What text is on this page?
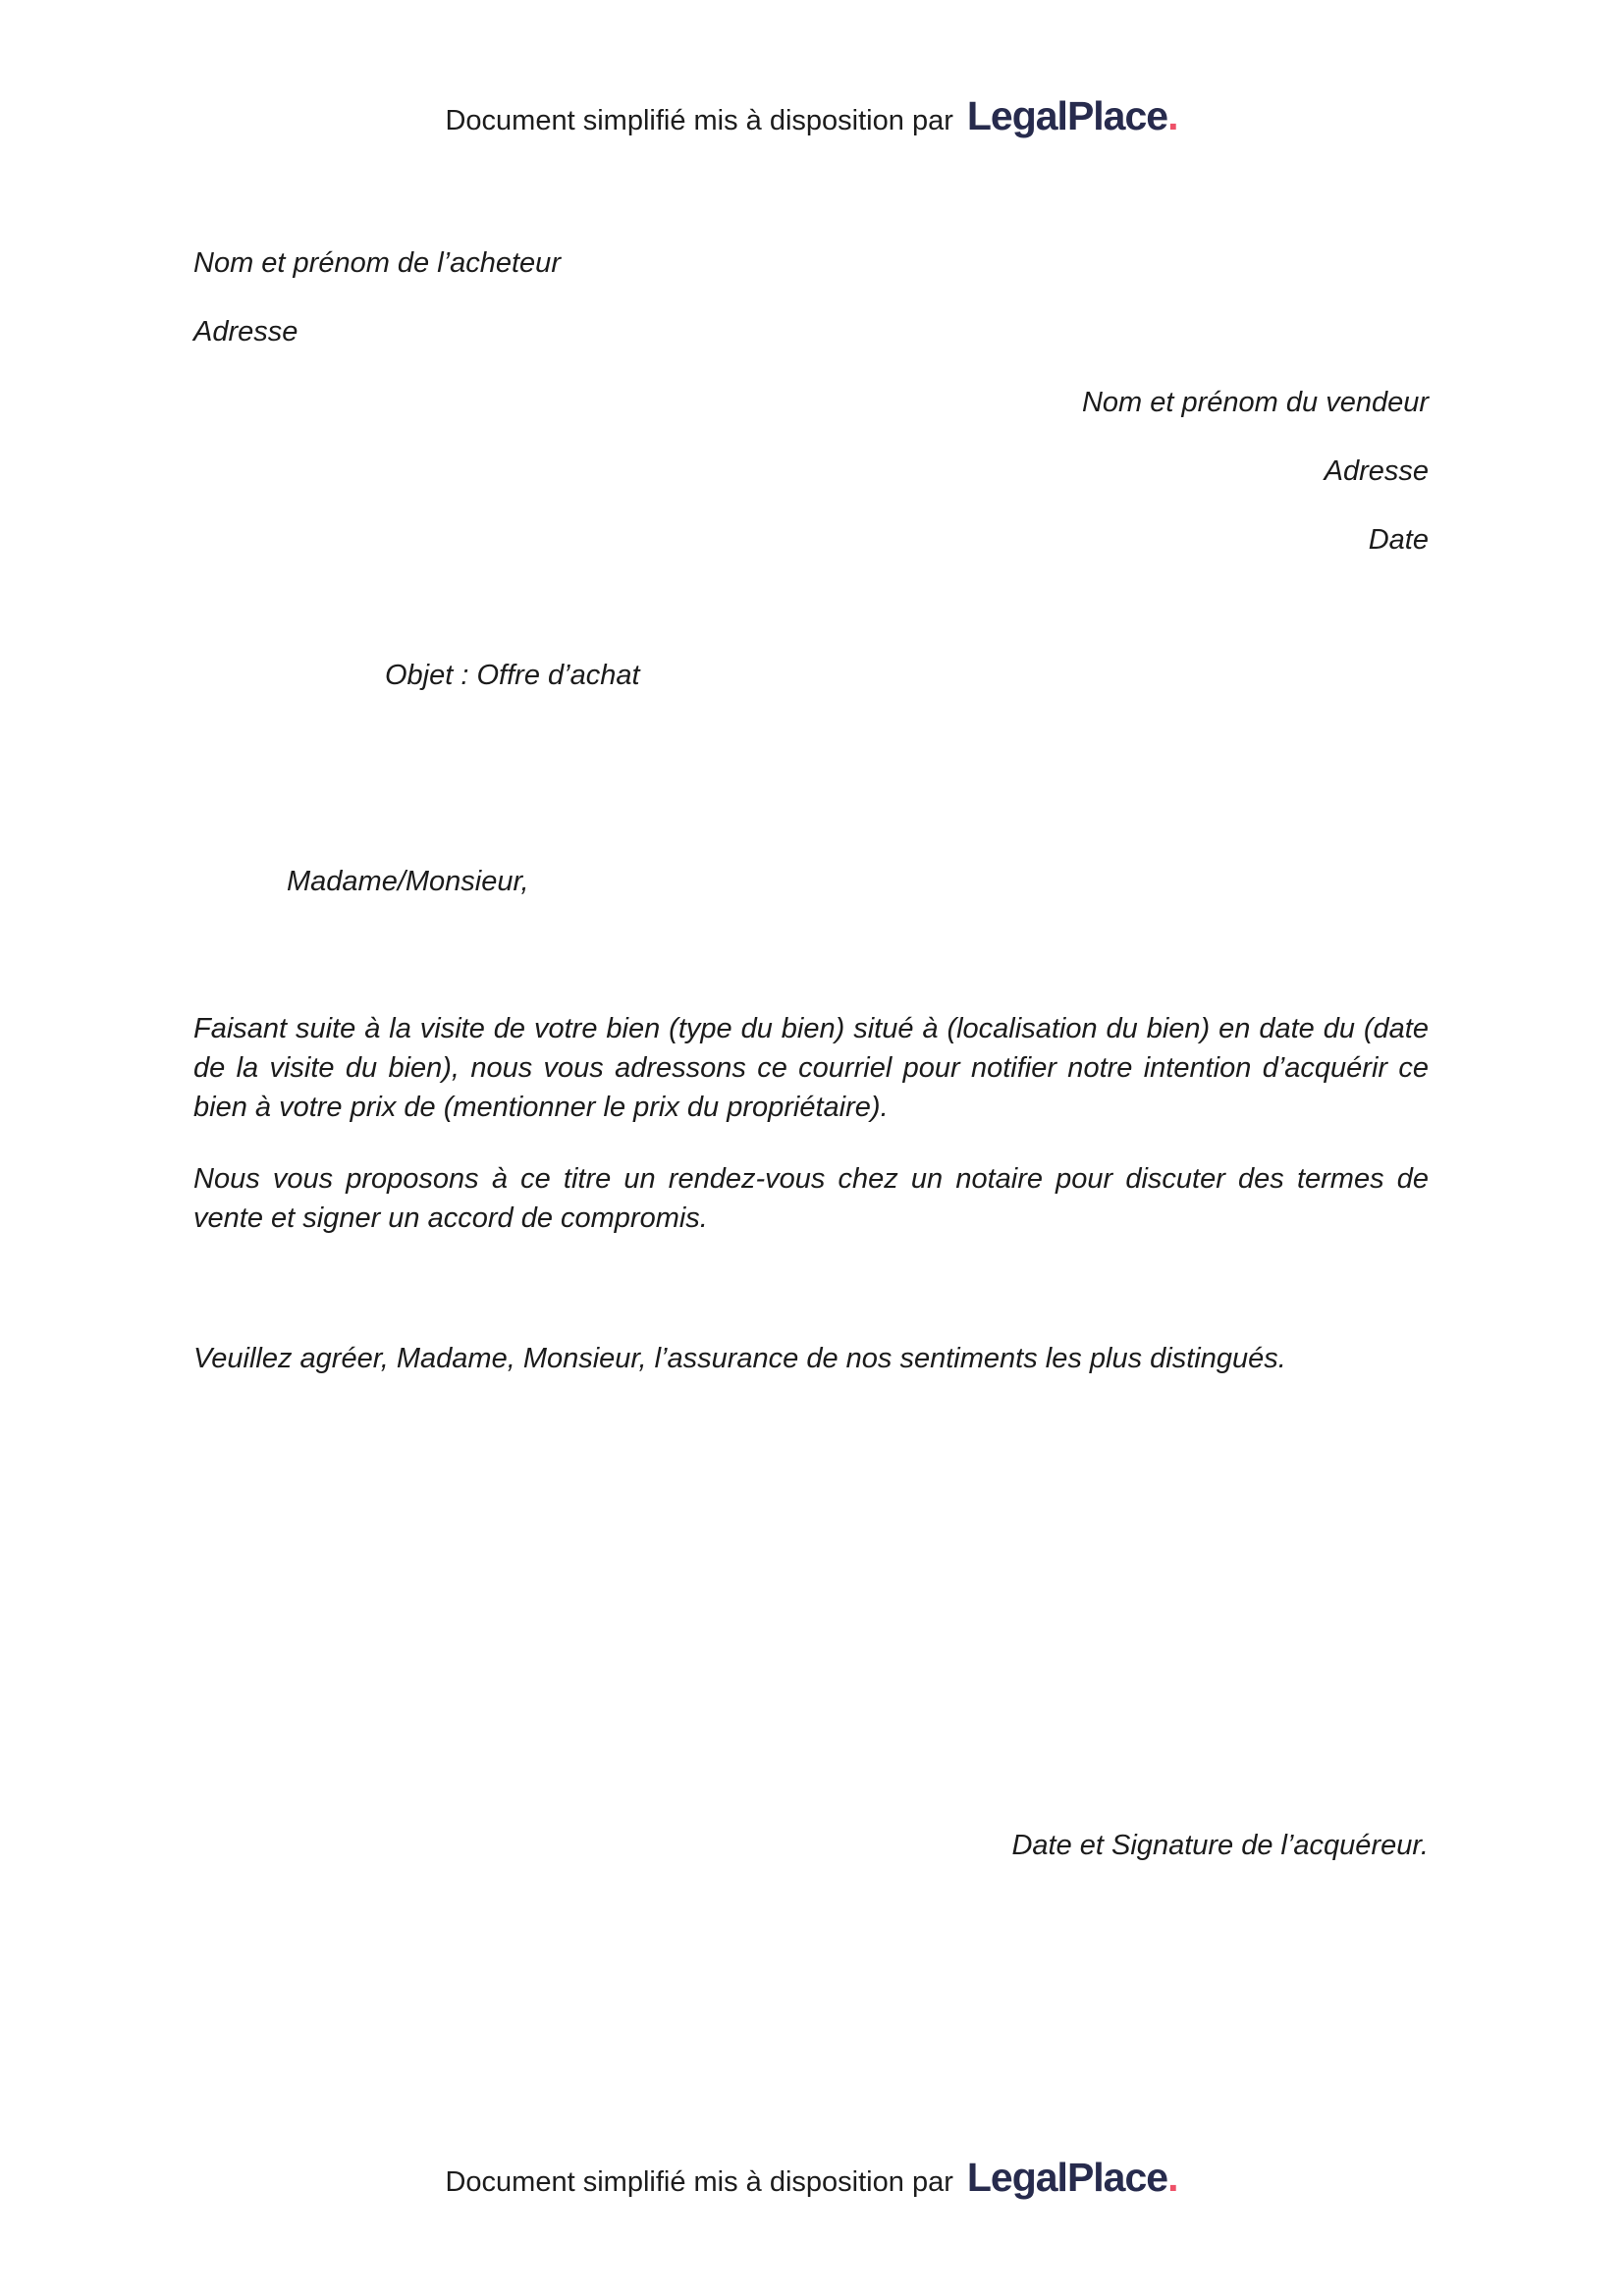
Document simplifié mis à disposition par LegalPlace.
Nom et prénom de l’acheteur
Adresse
Nom et prénom du vendeur
Adresse
Date
Objet : Offre d’achat
Madame/Monsieur,
Faisant suite à la visite de votre bien (type du bien) situé à (localisation du bien) en date du (date de la visite du bien), nous vous adressons ce courriel pour notifier notre intention d’acquérir ce bien à votre prix de (mentionner le prix du propriétaire).
Nous vous proposons à ce titre un rendez-vous chez un notaire pour discuter des termes de vente et signer un accord de compromis.
Veuillez agréer, Madame, Monsieur, l’assurance de nos sentiments les plus distingués.
Date et Signature de l’acquéreur.
Document simplifié mis à disposition par LegalPlace.
